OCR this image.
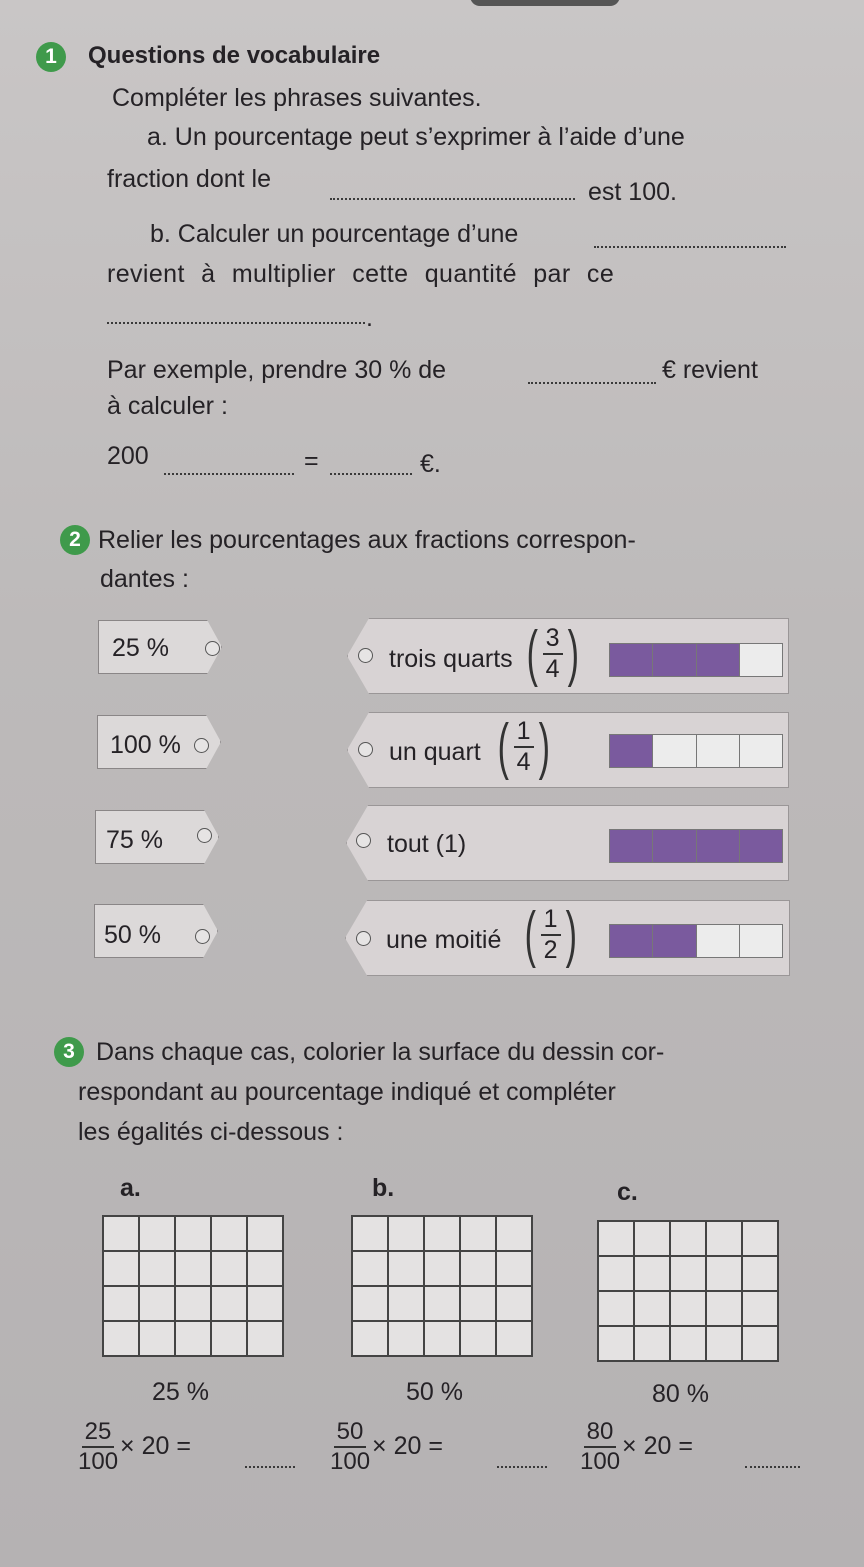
1	Questions de vocabulaire
Compléter les phrases suivantes.
a. Un pourcentage peut s’exprimer à l’aide d’une
fraction dont le	est 100.
b. Calculer un pourcentage d’une
revient à multiplier cette quantité par ce
.
Par exemple, prendre 30 % de	€ revient
à calculer :
200	=	€.
2 Relier les pourcentages aux fractions correspon-
dantes :
25 %
100 %
75 %
50 %
trois quarts ( $\frac{3}{4}$ )
un quart ( $\frac{1}{4}$ )
tout (1)
une moitié ( $\frac{1}{2}$ )
3 Dans chaque cas, colorier la surface du dessin cor-
respondant au pourcentage indiqué et compléter
les égalités ci-dessous :
a.	b.	c.

25 %	50 %	80 %
$\frac{25}{100} \times 20$ =	$\frac{50}{100} \times 20$ =	$\frac{80}{100} \times 20$ =
